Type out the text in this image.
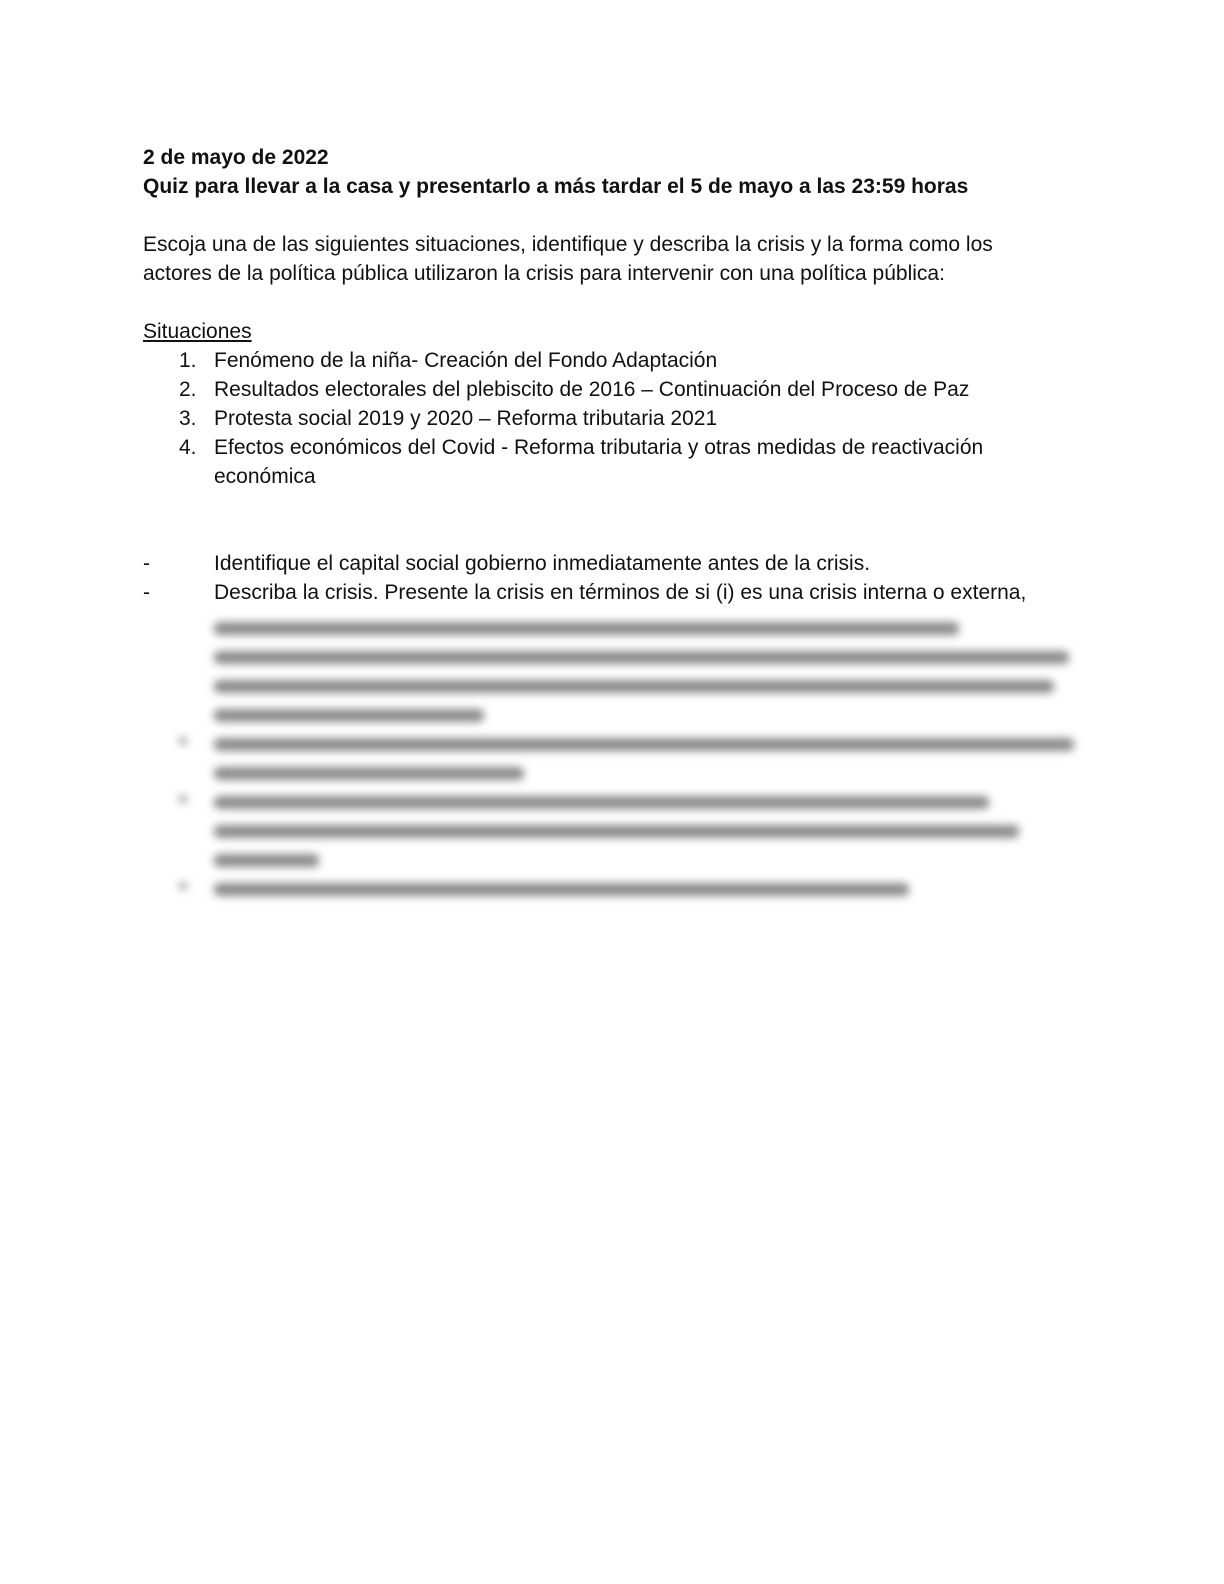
2 de mayo de 2022

Quiz para llevar a la casa y presentarlo a más tardar el 5 de mayo a las 23:59 horas

Escoja una de las siguientes situaciones, identifique y describa la crisis y la forma como los actores de la política pública utilizaron la crisis para intervenir con una política pública:

Situaciones

1. Fenómeno de la niña- Creación del Fondo Adaptación
2. Resultados electorales del plebiscito de 2016 – Continuación del Proceso de Paz
3. Protesta social 2019 y 2020 – Reforma tributaria 2021
4. Efectos económicos del Covid - Reforma tributaria y otras medidas de reactivación económica
-	Identifique el capital social gobierno inmediatamente antes de la crisis.
-	Describa la crisis. Presente la crisis en términos de si (i) es una crisis interna o externa,
